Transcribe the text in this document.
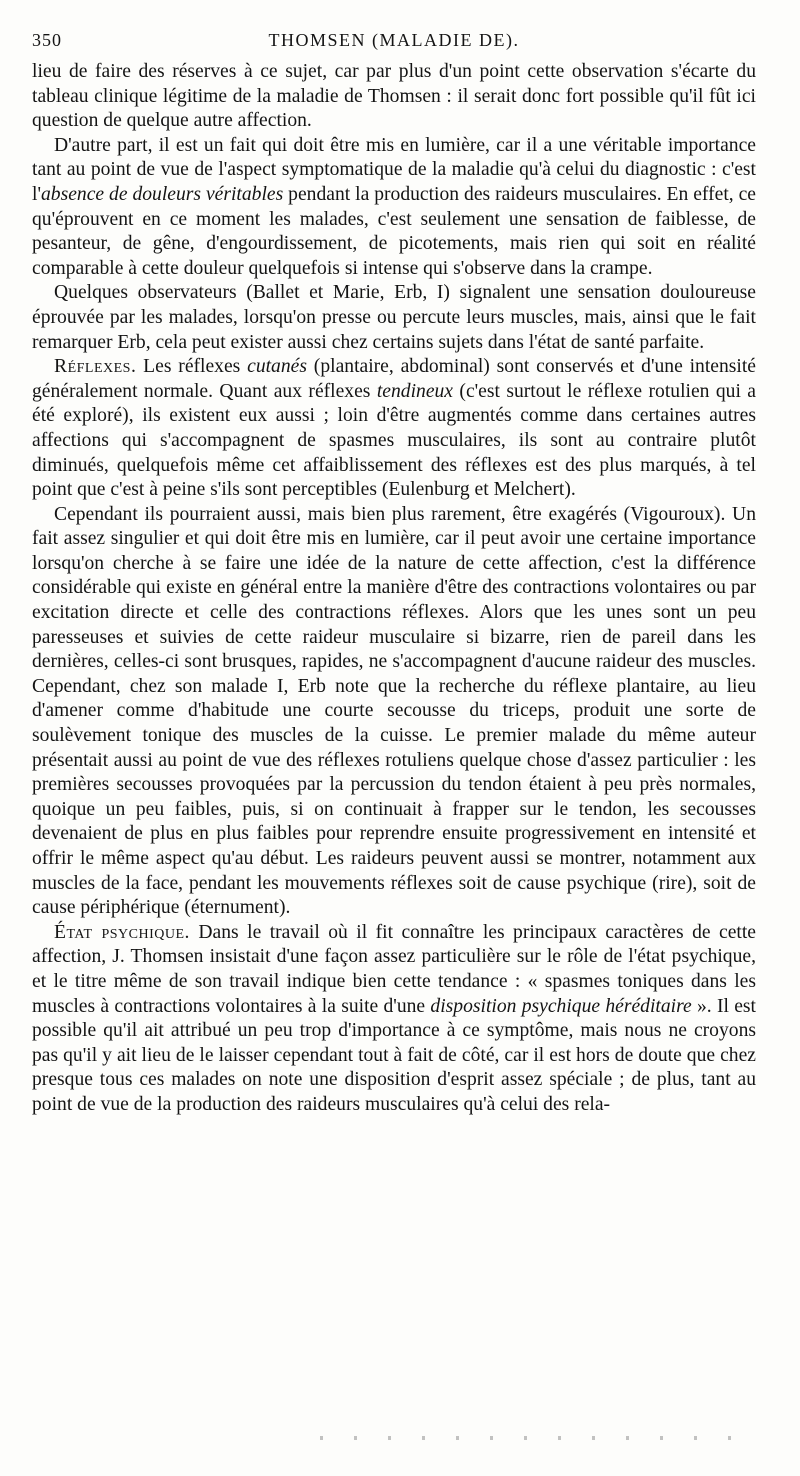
350	THOMSEN (MALADIE DE).

lieu de faire des réserves à ce sujet, car par plus d'un point cette observation s'écarte du tableau clinique légitime de la maladie de Thomsen : il serait donc fort possible qu'il fût ici question de quelque autre affection.

D'autre part, il est un fait qui doit être mis en lumière, car il a une véritable importance tant au point de vue de l'aspect symptomatique de la maladie qu'à celui du diagnostic : c'est l'absence de douleurs véritables pendant la production des raideurs musculaires. En effet, ce qu'éprouvent en ce moment les malades, c'est seulement une sensation de faiblesse, de pesanteur, de gêne, d'engourdissement, de picotements, mais rien qui soit en réalité comparable à cette douleur quelquefois si intense qui s'observe dans la crampe.

Quelques observateurs (Ballet et Marie, Erb, I) signalent une sensation douloureuse éprouvée par les malades, lorsqu'on presse ou percute leurs muscles, mais, ainsi que le fait remarquer Erb, cela peut exister aussi chez certains sujets dans l'état de santé parfaite.

Réflexes. Les réflexes cutanés (plantaire, abdominal) sont conservés et d'une intensité généralement normale. Quant aux réflexes tendineux (c'est surtout le réflexe rotulien qui a été exploré), ils existent eux aussi ; loin d'être augmentés comme dans certaines autres affections qui s'accompagnent de spasmes musculaires, ils sont au contraire plutôt diminués, quelquefois même cet affaiblissement des réflexes est des plus marqués, à tel point que c'est à peine s'ils sont perceptibles (Eulenburg et Melchert).

Cependant ils pourraient aussi, mais bien plus rarement, être exagérés (Vigouroux). Un fait assez singulier et qui doit être mis en lumière, car il peut avoir une certaine importance lorsqu'on cherche à se faire une idée de la nature de cette affection, c'est la différence considérable qui existe en général entre la manière d'être des contractions volontaires ou par excitation directe et celle des contractions réflexes. Alors que les unes sont un peu paresseuses et suivies de cette raideur musculaire si bizarre, rien de pareil dans les dernières, celles-ci sont brusques, rapides, ne s'accompagnent d'aucune raideur des muscles. Cependant, chez son malade I, Erb note que la recherche du réflexe plantaire, au lieu d'amener comme d'habitude une courte secousse du triceps, produit une sorte de soulèvement tonique des muscles de la cuisse. Le premier malade du même auteur présentait aussi au point de vue des réflexes rotuliens quelque chose d'assez particulier : les premières secousses provoquées par la percussion du tendon étaient à peu près normales, quoique un peu faibles, puis, si on continuait à frapper sur le tendon, les secousses devenaient de plus en plus faibles pour reprendre ensuite progressivement en intensité et offrir le même aspect qu'au début. Les raideurs peuvent aussi se montrer, notamment aux muscles de la face, pendant les mouvements réflexes soit de cause psychique (rire), soit de cause périphérique (éternument).

État psychique. Dans le travail où il fit connaître les principaux caractères de cette affection, J. Thomsen insistait d'une façon assez particulière sur le rôle de l'état psychique, et le titre même de son travail indique bien cette tendance : « spasmes toniques dans les muscles à contractions volontaires à la suite d'une disposition psychique héréditaire ». Il est possible qu'il ait attribué un peu trop d'importance à ce symptôme, mais nous ne croyons pas qu'il y ait lieu de le laisser cependant tout à fait de côté, car il est hors de doute que chez presque tous ces malades on note une disposition d'esprit assez spéciale ; de plus, tant au point de vue de la production des raideurs musculaires qu'à celui des rela-
